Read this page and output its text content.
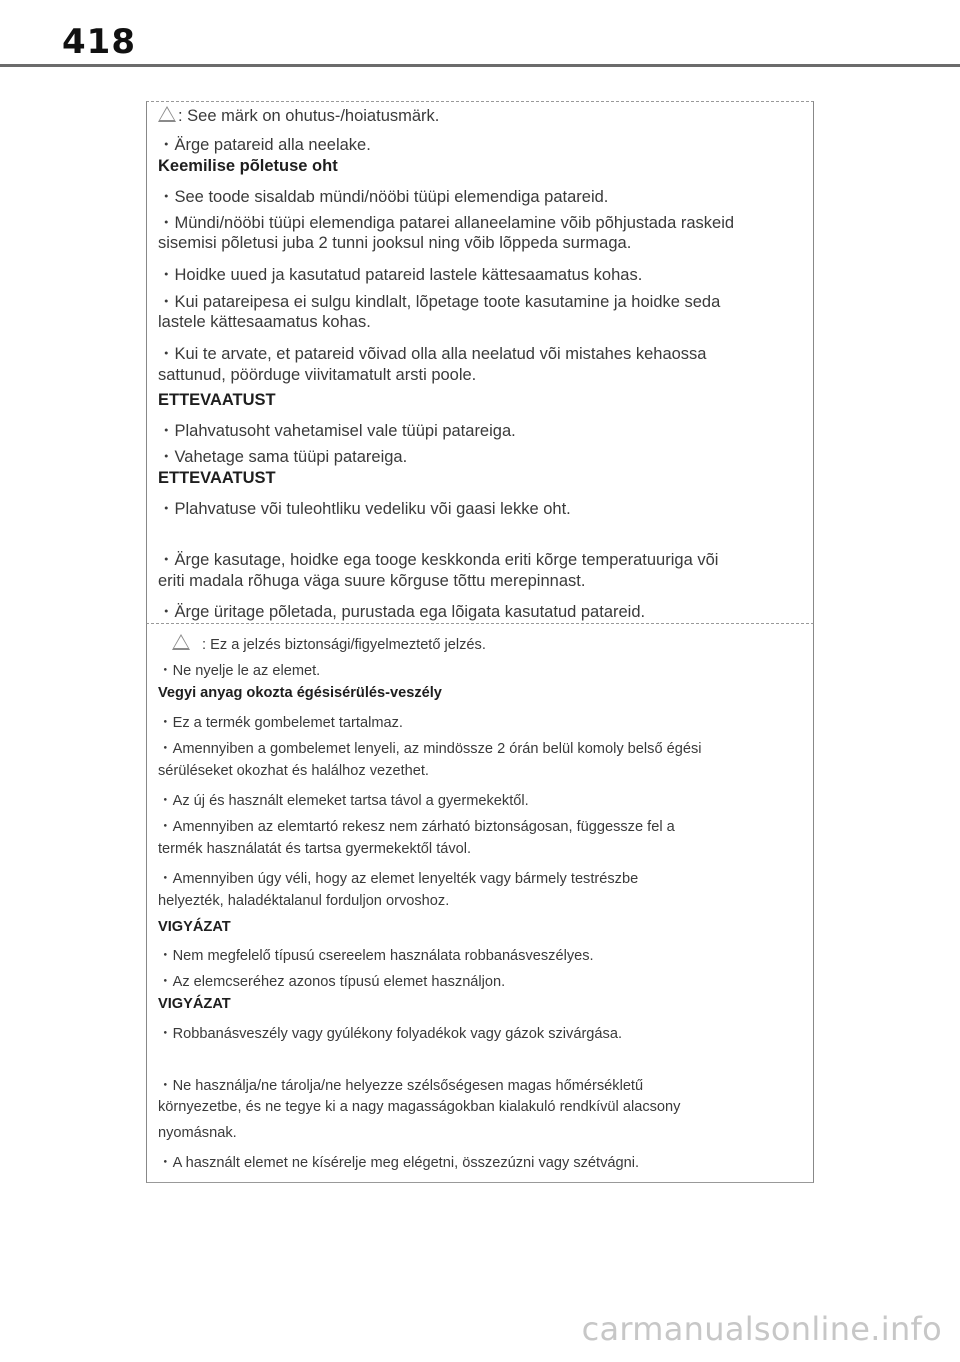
418
: See märk on ohutus-/hoiatusmärk.
・Ärge patareid alla neelake.
Keemilise põletuse oht
・See toode sisaldab mündi/nööbi tüüpi elemendiga patareid.
・Mündi/nööbi tüüpi elemendiga patarei allaneelamine võib põhjustada raskeid
sisemisi põletusi juba 2 tunni jooksul ning võib lõppeda surmaga.
・Hoidke uued ja kasutatud patareid lastele kättesaamatus kohas.
・Kui patareipesa ei sulgu kindlalt, lõpetage toote kasutamine ja hoidke seda
lastele kättesaamatus kohas.
・Kui te arvate, et patareid võivad olla alla neelatud või mistahes kehaossa
sattunud, pöörduge viivitamatult arsti poole.
ETTEVAATUST
・Plahvatusoht vahetamisel vale tüüpi patareiga.
・Vahetage sama tüüpi patareiga.
ETTEVAATUST
・Plahvatuse või tuleohtliku vedeliku või gaasi lekke oht.
・Ärge kasutage, hoidke ega tooge keskkonda eriti kõrge temperatuuriga või
eriti madala rõhuga väga suure kõrguse tõttu merepinnast.
・Ärge üritage põletada, purustada ega lõigata kasutatud patareid.
: Ez a jelzés biztonsági/figyelmeztető jelzés.
・Ne nyelje le az elemet.
Vegyi anyag okozta égésisérülés-veszély
・Ez a termék gombelemet tartalmaz.
・Amennyiben a gombelemet lenyeli, az mindössze 2 órán belül komoly belső égési
sérüléseket okozhat és halálhoz vezethet.
・Az új és használt elemeket tartsa távol a gyermekektől.
・Amennyiben az elemtartó rekesz nem zárható biztonságosan, függessze fel a
termék használatát és tartsa gyermekektől távol.
・Amennyiben úgy véli, hogy az elemet lenyelték vagy bármely testrészbe
helyezték, haladéktalanul forduljon orvoshoz.
VIGYÁZAT
・Nem megfelelő típusú csereelem használata robbanásveszélyes.
・Az elemcseréhez azonos típusú elemet használjon.
VIGYÁZAT
・Robbanásveszély vagy gyúlékony folyadékok vagy gázok szivárgása.
・Ne használja/ne tárolja/ne helyezze szélsőségesen magas hőmérsékletű
környezetbe, és ne tegye ki a nagy magasságokban kialakuló rendkívül alacsony
nyomásnak.
・A használt elemet ne kísérelje meg elégetni, összezúzni vagy szétvágni.
carmanualsonline.info
